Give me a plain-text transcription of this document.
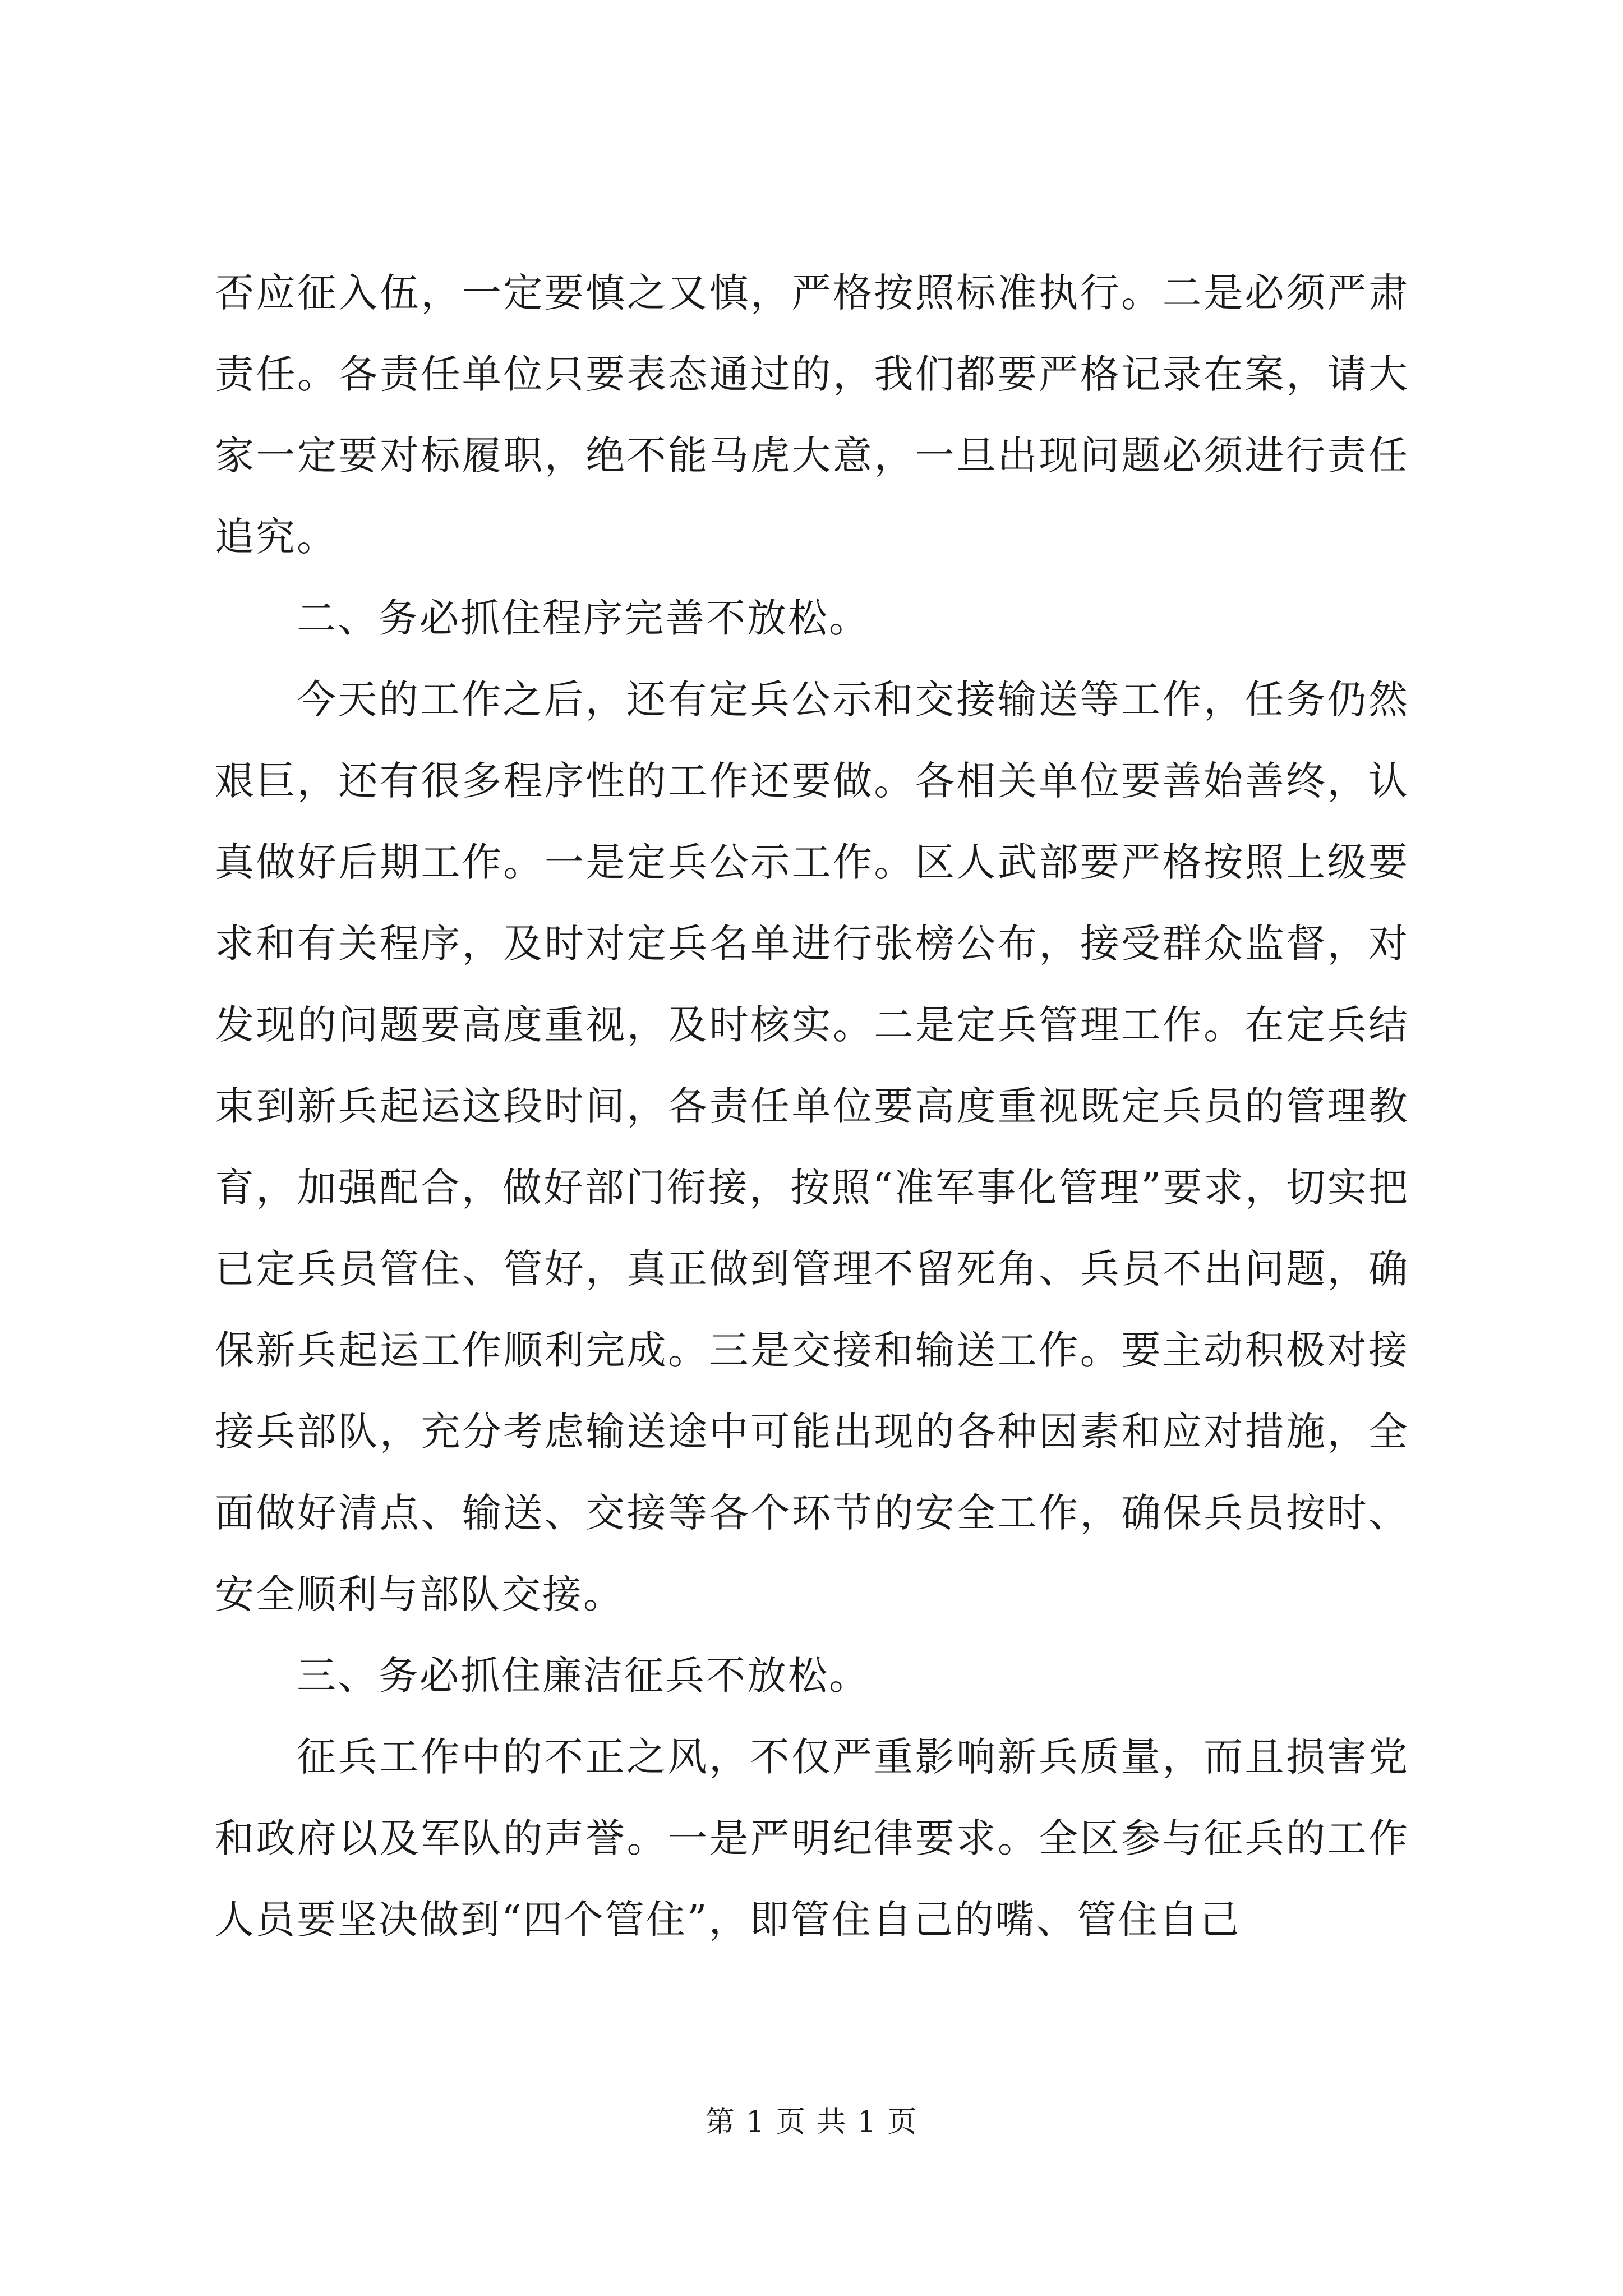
否应征入伍，一定要慎之又慎，严格按照标准执行。二是必须严肃责任。各责任单位只要表态通过的，我们都要严格记录在案，请大家一定要对标履职，绝不能马虎大意，一旦出现问题必须进行责任追究。

二、务必抓住程序完善不放松。

今天的工作之后，还有定兵公示和交接输送等工作，任务仍然艰巨，还有很多程序性的工作还要做。各相关单位要善始善终，认真做好后期工作。一是定兵公示工作。区人武部要严格按照上级要求和有关程序，及时对定兵名单进行张榜公布，接受群众监督，对发现的问题要高度重视，及时核实。二是定兵管理工作。在定兵结束到新兵起运这段时间，各责任单位要高度重视既定兵员的管理教育，加强配合，做好部门衔接，按照“准军事化管理”要求，切实把已定兵员管住、管好，真正做到管理不留死角、兵员不出问题，确保新兵起运工作顺利完成。三是交接和输送工作。要主动积极对接接兵部队，充分考虑输送途中可能出现的各种因素和应对措施，全面做好清点、输送、交接等各个环节的安全工作，确保兵员按时、安全顺利与部队交接。

三、务必抓住廉洁征兵不放松。

征兵工作中的不正之风，不仅严重影响新兵质量，而且损害党和政府以及军队的声誉。一是严明纪律要求。全区参与征兵的工作人员要坚决做到“四个管住”，即管住自己的嘴、管住自己

第 1 页 共 1 页
